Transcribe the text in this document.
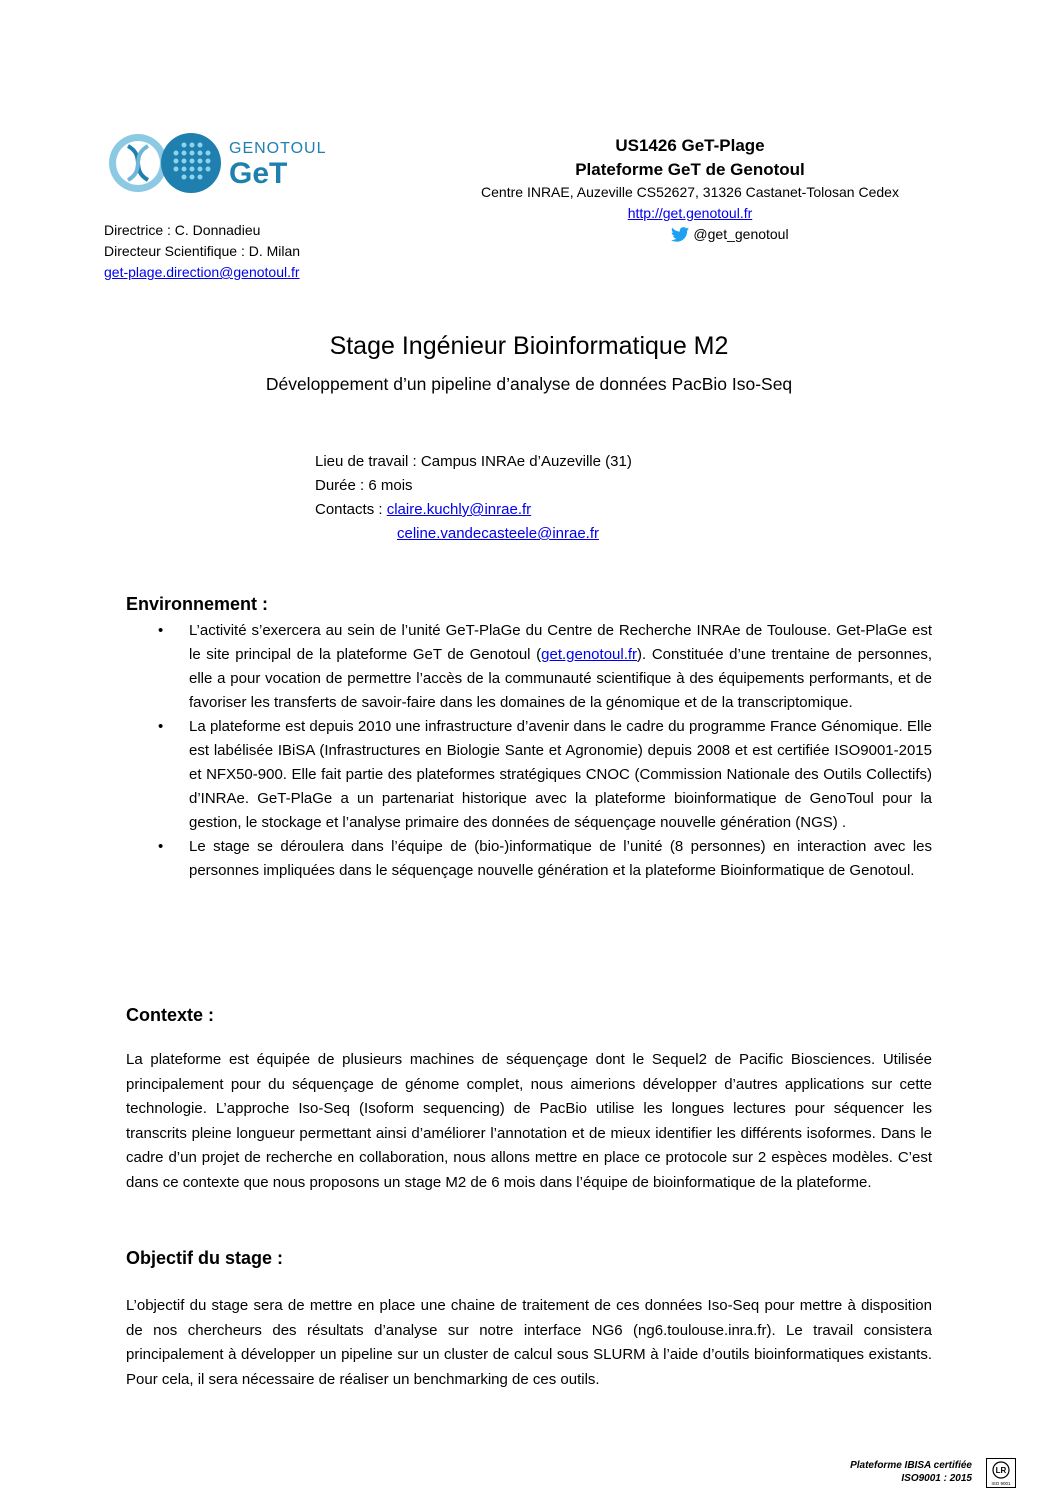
GENOTOUL
GeT
US1426 GeT-Plage
Plateforme GeT de Genotoul
Centre INRAE, Auzeville CS52627, 31326 Castanet-Tolosan Cedex
http://get.genotoul.fr
@get_genotoul
Directrice : C. Donnadieu
Directeur Scientifique : D. Milan
get-plage.direction@genotoul.fr
Stage Ingénieur Bioinformatique M2
Développement d’un pipeline d’analyse de données PacBio Iso-Seq
Lieu de travail : Campus INRAe d’Auzeville (31)
Durée : 6 mois
Contacts : claire.kuchly@inrae.fr
celine.vandecasteele@inrae.fr
Environnement :
• L’activité s’exercera au sein de l’unité GeT-PlaGe du Centre de Recherche INRAe de Toulouse. Get-PlaGe est le site principal de la plateforme GeT de Genotoul (get.genotoul.fr). Constituée d’une trentaine de personnes, elle a pour vocation de permettre l’accès de la communauté scientifique à des équipements performants, et de favoriser les transferts de savoir-faire dans les domaines de la génomique et de la transcriptomique.
• La plateforme est depuis 2010 une infrastructure d’avenir dans le cadre du programme France Génomique. Elle est labélisée IBiSA (Infrastructures en Biologie Sante et Agronomie) depuis 2008 et est certifiée ISO9001-2015 et NFX50-900. Elle fait partie des plateformes stratégiques CNOC (Commission Nationale des Outils Collectifs) d’INRAe. GeT-PlaGe a un partenariat historique avec la plateforme bioinformatique de GenoToul pour la gestion, le stockage et l’analyse primaire des données de séquençage nouvelle génération (NGS) .
• Le stage se déroulera dans l’équipe de (bio-)informatique de l’unité (8 personnes) en interaction avec les personnes impliquées dans le séquençage nouvelle génération et la plateforme Bioinformatique de Genotoul.
Contexte :

La plateforme est équipée de plusieurs machines de séquençage dont le Sequel2 de Pacific Biosciences. Utilisée principalement pour du séquençage de génome complet, nous aimerions développer d’autres applications sur cette technologie. L’approche Iso-Seq (Isoform sequencing) de PacBio utilise les longues lectures pour séquencer les transcrits pleine longueur permettant ainsi d’améliorer l’annotation et de mieux identifier les différents isoformes. Dans le cadre d’un projet de recherche en collaboration, nous allons mettre en place ce protocole sur 2 espèces modèles. C’est dans ce contexte que nous proposons un stage M2 de 6 mois dans l’équipe de bioinformatique de la plateforme.

Objectif du stage :

L’objectif du stage sera de mettre en place une chaine de traitement de ces données Iso-Seq pour mettre à disposition de nos chercheurs des résultats d’analyse sur notre interface NG6 (ng6.toulouse.inra.fr). Le travail consistera principalement à développer un pipeline sur un cluster de calcul sous SLURM à l’aide d’outils bioinformatiques existants. Pour cela, il sera nécessaire de réaliser un benchmarking de ces outils.

Plateforme IBISA certifiée
ISO9001 : 2015
LR
ISO 9001
